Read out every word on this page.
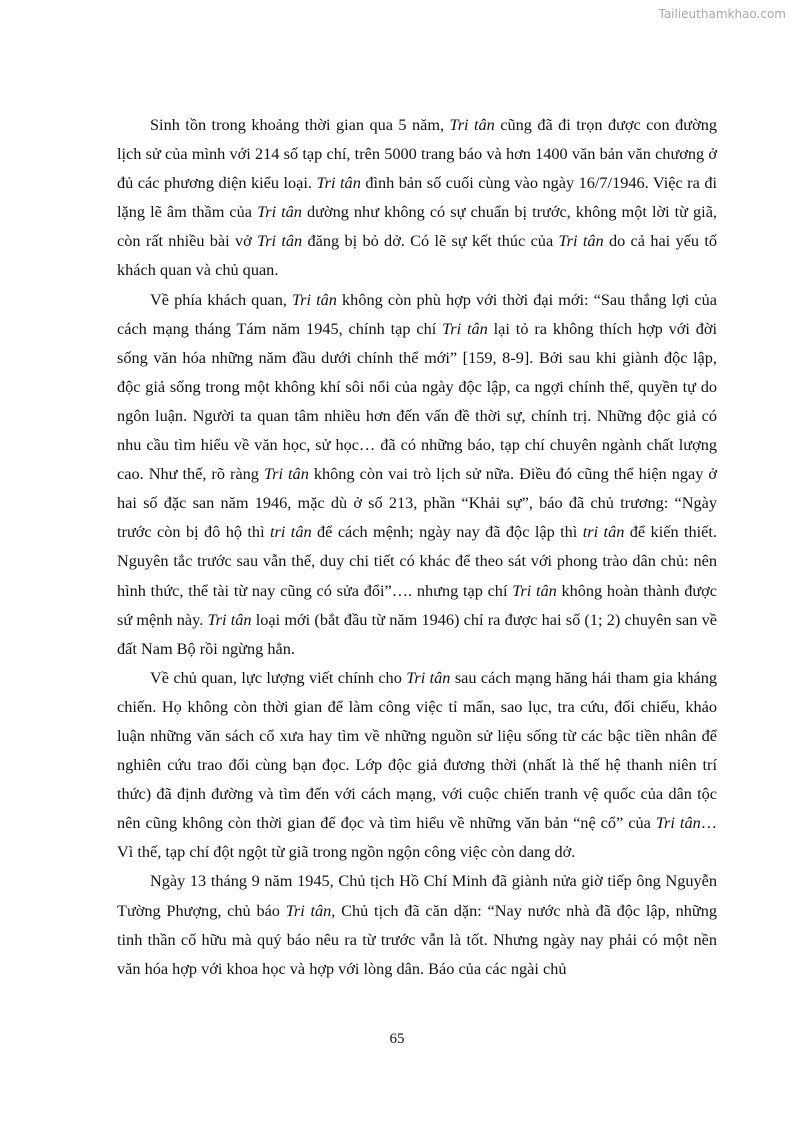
Tailieuthamkhao.com

Sinh tồn trong khoảng thời gian qua 5 năm, Tri tân cũng đã đi trọn được con đường lịch sử của mình với 214 số tạp chí, trên 5000 trang báo và hơn 1400 văn bản văn chương ở đủ các phương diện kiểu loại. Tri tân đình bản số cuối cùng vào ngày 16/7/1946. Việc ra đi lặng lẽ âm thầm của Tri tân dường như không có sự chuẩn bị trước, không một lời từ giã, còn rất nhiều bài vở Tri tân đăng bị bỏ dở. Có lẽ sự kết thúc của Tri tân do cả hai yếu tố khách quan và chủ quan.

Về phía khách quan, Tri tân không còn phù hợp với thời đại mới: “Sau thắng lợi của cách mạng tháng Tám năm 1945, chính tạp chí Tri tân lại tỏ ra không thích hợp với đời sống văn hóa những năm đầu dưới chính thể mới” [159, 8-9]. Bởi sau khi giành độc lập, độc giả sống trong một không khí sôi nổi của ngày độc lập, ca ngợi chính thể, quyền tự do ngôn luận. Người ta quan tâm nhiều hơn đến vấn đề thời sự, chính trị. Những độc giả có nhu cầu tìm hiểu về văn học, sử học… đã có những báo, tạp chí chuyên ngành chất lượng cao. Như thế, rõ ràng Tri tân không còn vai trò lịch sử nữa. Điều đó cũng thể hiện ngay ở hai số đặc san năm 1946, mặc dù ở số 213, phần “Khải sự”, báo đã chủ trương: “Ngày trước còn bị đô hộ thì tri tân để cách mệnh; ngày nay đã độc lập thì tri tân để kiến thiết. Nguyên tắc trước sau vẫn thế, duy chi tiết có khác để theo sát với phong trào dân chủ: nên hình thức, thể tài từ nay cũng có sửa đổi”…. nhưng tạp chí Tri tân không hoàn thành được sứ mệnh này. Tri tân loại mới (bắt đầu từ năm 1946) chỉ ra được hai số (1; 2) chuyên san về đất Nam Bộ rồi ngừng hẳn.

Về chủ quan, lực lượng viết chính cho Tri tân sau cách mạng hăng hái tham gia kháng chiến. Họ không còn thời gian để làm công việc tỉ mẩn, sao lục, tra cứu, đối chiếu, khảo luận những văn sách cổ xưa hay tìm về những nguồn sử liệu sống từ các bậc tiền nhân để nghiên cứu trao đổi cùng bạn đọc. Lớp độc giả đương thời (nhất là thế hệ thanh niên trí thức) đã định đường và tìm đến với cách mạng, với cuộc chiến tranh vệ quốc của dân tộc nên cũng không còn thời gian để đọc và tìm hiểu về những văn bản “nệ cổ” của Tri tân… Vì thế, tạp chí đột ngột từ giã trong ngồn ngộn công việc còn dang dở.

Ngày 13 tháng 9 năm 1945, Chủ tịch Hồ Chí Minh đã giành nửa giờ tiếp ông Nguyễn Tường Phượng, chủ báo Tri tân, Chủ tịch đã căn dặn: “Nay nước nhà đã độc lập, những tinh thần cố hữu mà quý báo nêu ra từ trước vẫn là tốt. Nhưng ngày nay phải có một nền văn hóa hợp với khoa học và hợp với lòng dân. Báo của các ngài chủ

65
